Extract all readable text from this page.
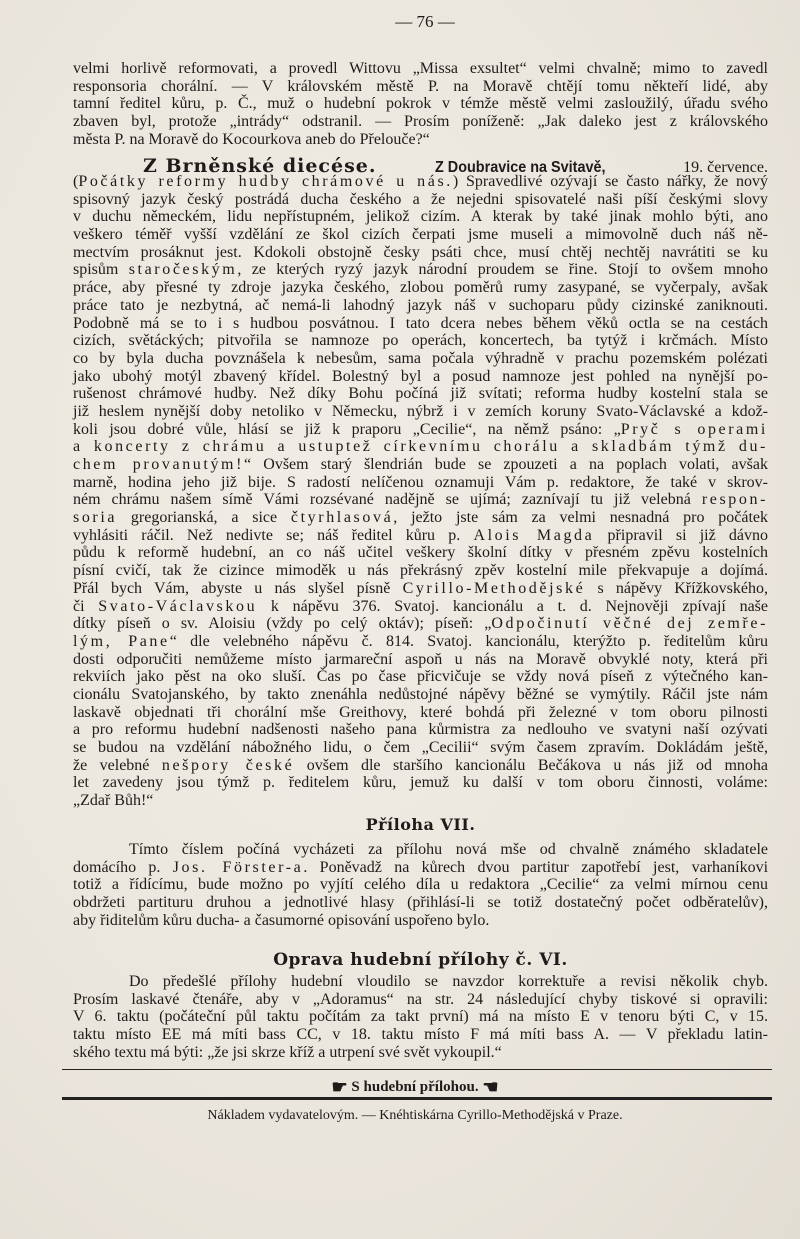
— 76 —
velmi horlivě reformovati, a provedl Wittovu „Missa exsultet“ velmi chvalně; mimo to zavedl
responsoria chorální. — V královském městě P. na Moravě chtějí tomu někteří lidé, aby
tamní ředitel kůru, p. Č., muž o hudební pokrok v témže městě velmi zasloužilý, úřadu svého
zbaven byl, protože „intrády“ odstranil. — Prosím poníženě: „Jak daleko jest z královského
města P. na Moravě do Kocourkova aneb do Přelouče?“
Z Brněnské diecése.	Z Doubravice na Svitavě,	19. července.
(Počátky reformy hudby chrámové u nás.) Spravedlivé ozývají se často nářky, že nový
spisovný jazyk český postrádá ducha českého a že nejedni spisovatelé naši píší českými slovy
v duchu německém, lidu nepřístupném, jelikož cizím. A kterak by také jinak mohlo býti, ano
veškero téměř vyšší vzdělání ze škol cizích čerpati jsme museli a mimovolně duch náš ně-
mectvím prosáknut jest. Kdokoli obstojně česky psáti chce, musí chtěj nechtěj navrátiti se ku
spisům staročeským, ze kterých ryzý jazyk národní proudem se řine. Stojí to ovšem mnoho
práce, aby přesné ty zdroje jazyka českého, zlobou poměrů rumy zasypané, se vyčerpaly, avšak
práce tato je nezbytná, ač nemá-li lahodný jazyk náš v suchoparu půdy cizinské zaniknouti.
Podobně má se to i s hudbou posvátnou. I tato dcera nebes během věků octla se na cestách
cizích, světáckých; pitvořila se namnoze po operách, koncertech, ba tytýž i krčmách. Místo
co by byla ducha povznášela k nebesům, sama počala výhradně v prachu pozemském polézati
jako ubohý motýl zbavený křídel. Bolestný byl a posud namnoze jest pohled na nynější po-
rušenost chrámové hudby. Než díky Bohu počíná již svítati; reforma hudby kostelní stala se
již heslem nynější doby netoliko v Německu, nýbrž i v zemích koruny Svato-Václavské a kdož-
koli jsou dobré vůle, hlásí se již k praporu „Cecilie“, na němž psáno: „Pryč s operami
a koncerty z chrámu a ustuptež církevnímu chorálu a skladbám týmž du-
chem provanutým!“ Ovšem starý šlendrián bude se zpouzeti a na poplach volati, avšak
marně, hodina jeho již bije. S radostí nelíčenou oznamuji Vám p. redaktore, že také v skrov-
ném chrámu našem símě Vámi rozsévané nadějně se ujímá; zaznívají tu již velebná respon-
soria gregorianská, a sice čtyrhlasová, ježto jste sám za velmi nesnadná pro počátek
vyhlásiti ráčil. Než nedivte se; náš ředitel kůru p. Alois Magda připravil si již dávno
půdu k reformě hudební, an co náš učitel veškery školní dítky v přesném zpěvu kostelních
písní cvičí, tak že cizince mimoděk u nás překrásný zpěv kostelní mile překvapuje a dojímá.
Přál bych Vám, abyste u nás slyšel písně Cyrillo-Methodějské s nápěvy Křížkovského,
či Svato-Václavskou k nápěvu 376. Svatoj. kancionálu a t. d. Nejnověji zpívají naše
dítky píseň o sv. Aloisiu (vždy po celý oktáv); píseň: „Odpočinutí věčné dej zemře-
lým, Pane“ dle velebného nápěvu č. 814. Svatoj. kancionálu, kterýžto p. ředitelům kůru
dosti odporučiti nemůžeme místo jarmareční aspoň u nás na Moravě obvyklé noty, která při
rekviích jako pěst na oko sluší. Čas po čase přicvičuje se vždy nová píseň z výtečného kan-
cionálu Svatojanského, by takto znenáhla nedůstojné nápěvy běžné se vymýtily. Ráčil jste nám
laskavě objednati tři chorální mše Greithovy, které bohdá při železné v tom oboru pilnosti
a pro reformu hudební nadšenosti našeho pana kůrmistra za nedlouho ve svatyni naší ozývati
se budou na vzdělání nábožného lidu, o čem „Cecilii“ svým časem zpravím. Dokládám ještě,
že velebné nešpory české ovšem dle staršího kancionálu Bečákova u nás již od mnoha
let zavedeny jsou týmž p. ředitelem kůru, jemuž ku další v tom oboru činnosti, voláme:
„Zdař Bůh!“
Příloha VII.
Tímto číslem počíná vycházeti za přílohu nová mše od chvalně známého skladatele
domácího p. Jos. Förster-a. Poněvadž na kůrech dvou partitur zapotřebí jest, varhaníkovi
totiž a řídícímu, bude možno po vyjítí celého díla u redaktora „Cecilie“ za velmi mírnou cenu
obdržeti partituru druhou a jednotlivé hlasy (přihlásí-li se totiž dostatečný počet odběratelův),
aby řiditelům kůru ducha- a časumorné opisování uspořeno bylo.
Oprava hudební přílohy č. VI.
Do předešlé přílohy hudební vloudilo se navzdor korrektuře a revisi několik chyb.
Prosím laskavé čtenáře, aby v „Adoramus“ na str. 24 následující chyby tiskové si opravili:
V 6. taktu (počáteční půl taktu počítám za takt první) má na místo E v tenoru býti C, v 15.
taktu místo EE má míti bass CC, v 18. taktu místo F má míti bass A. — V překladu latin-
ského textu má býti: „že jsi skrze kříž a utrpení své svět vykoupil.“
☛ S hudební přílohou. ☚
Nákladem vydavatelovým. — Knéhtiskárna Cyrillo-Methodějská v Praze.
